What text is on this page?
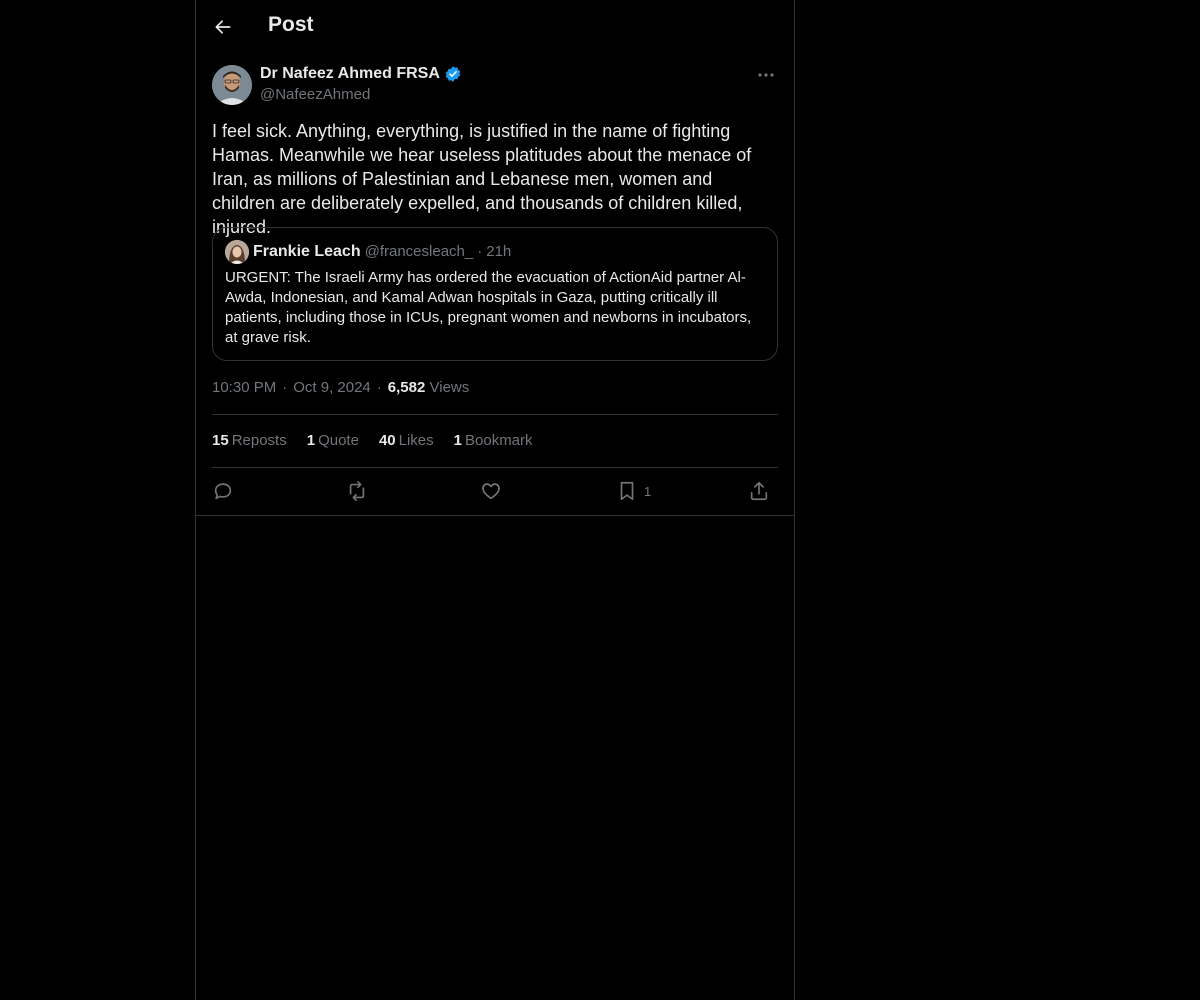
Post
Dr Nafeez Ahmed FRSA
@NafeezAhmed
I feel sick. Anything, everything, is justified in the name of fighting Hamas. Meanwhile we hear useless platitudes about the menace of Iran, as millions of Palestinian and Lebanese men, women and children are deliberately expelled, and thousands of children killed, injured.
Frankie Leach @francesleach_ · 21h
URGENT: The Israeli Army has ordered the evacuation of ActionAid partner Al-Awda, Indonesian, and Kamal Adwan hospitals in Gaza, putting critically ill patients, including those in ICUs, pregnant women and newborns in incubators, at grave risk.
10:30 PM · Oct 9, 2024 · 6,582 Views
15 Reposts 1 Quote 40 Likes 1 Bookmark
1
